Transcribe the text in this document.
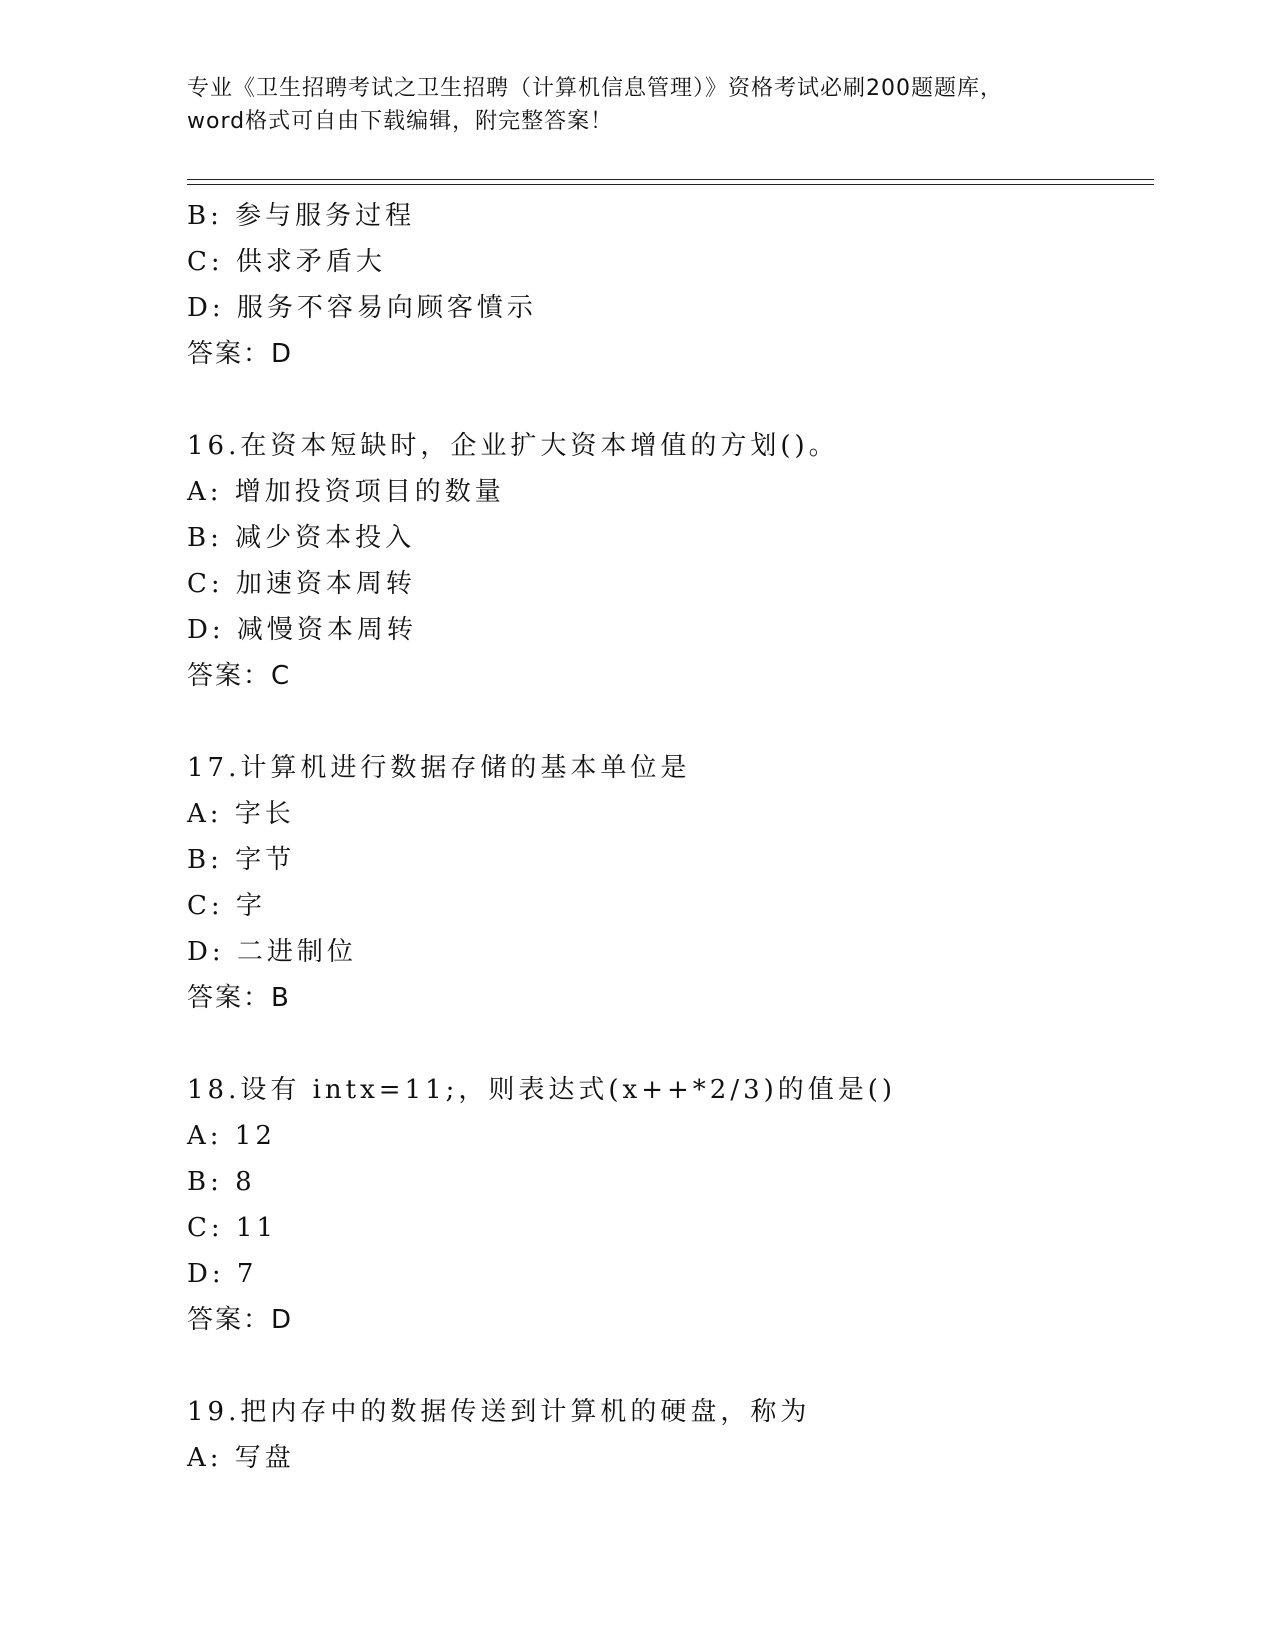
专业《卫生招聘考试之卫生招聘（计算机信息管理）》资格考试必刷200题题库，
word格式可自由下载编辑，附完整答案！
B: 参与服务过程
C: 供求矛盾大
D: 服务不容易向顾客憤示
答案：D
16.在资本短缺时，企业扩大资本增值的方划()。
A: 增加投资项目的数量
B: 减少资本投入
C: 加速资本周转
D: 减慢资本周转
答案：C
17.计算机进行数据存储的基本单位是
A: 字长
B: 字节
C: 字
D: 二进制位
答案：B
18.设有 intx=11;，则表达式(x++*2/3)的值是()
A: 12
B: 8
C: 11
D: 7
答案：D
19.把内存中的数据传送到计算机的硬盘，称为
A: 写盘
